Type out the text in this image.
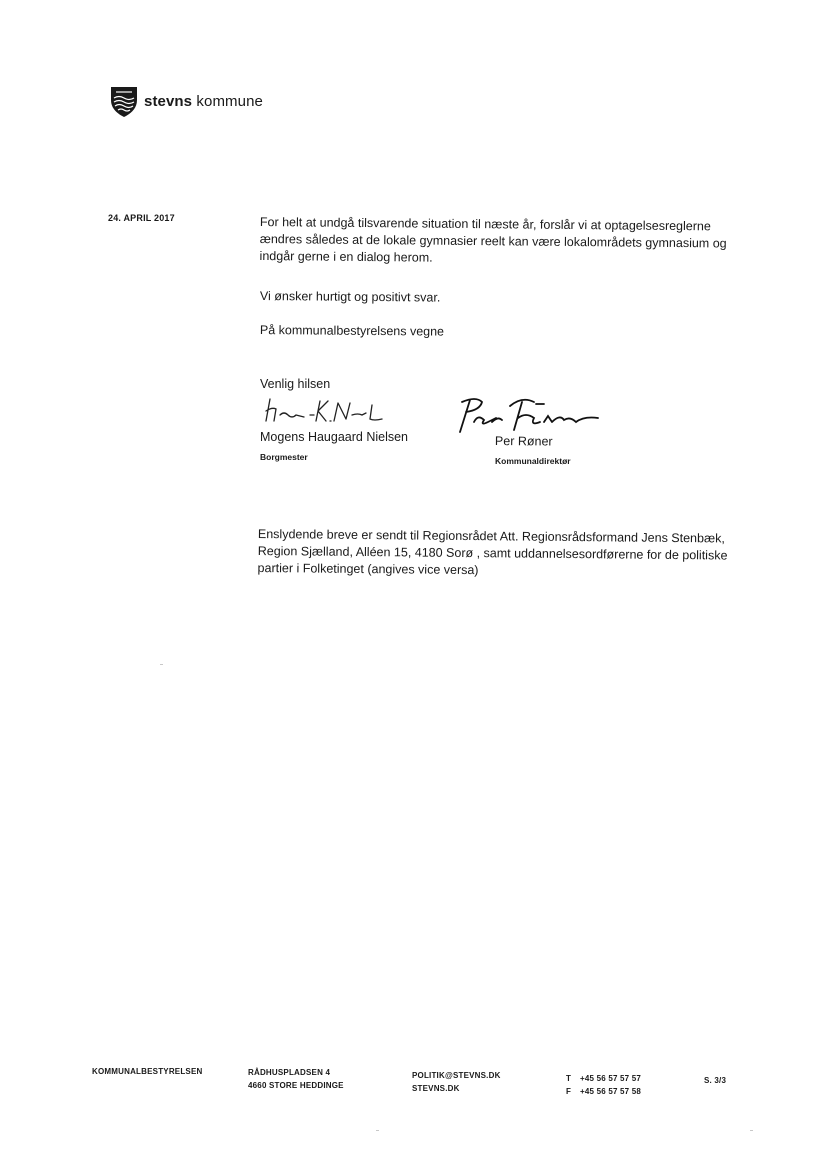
stevns kommune
24. APRIL 2017	For helt at undgå tilsvarende situation til næste år, forslår vi at optagelsesreglerne ændres således at de lokale gymnasier reelt kan være lokalområdets gymnasium og indgår gerne i en dialog herom.
Vi ønsker hurtigt og positivt svar.
På kommunalbestyrelsens vegne
Venlig hilsen
Mogens Haugaard Nielsen
Borgmester
Per Røner
Kommunaldirektør
Enslydende breve er sendt til Regionsrådet Att. Regionsrådsformand Jens Stenbæk, Region Sjælland, Alléen 15, 4180 Sorø , samt uddannelsesordførerne for de politiske partier i Folketinget (angives vice versa)
KOMMUNALBESTYRELSEN	RÅDHUSPLADSEN 4
4660 STORE HEDDINGE
POLITIK@STEVNS.DK
STEVNS.DK
T +45 56 57 57 57
F +45 56 57 57 58
S. 3/3
